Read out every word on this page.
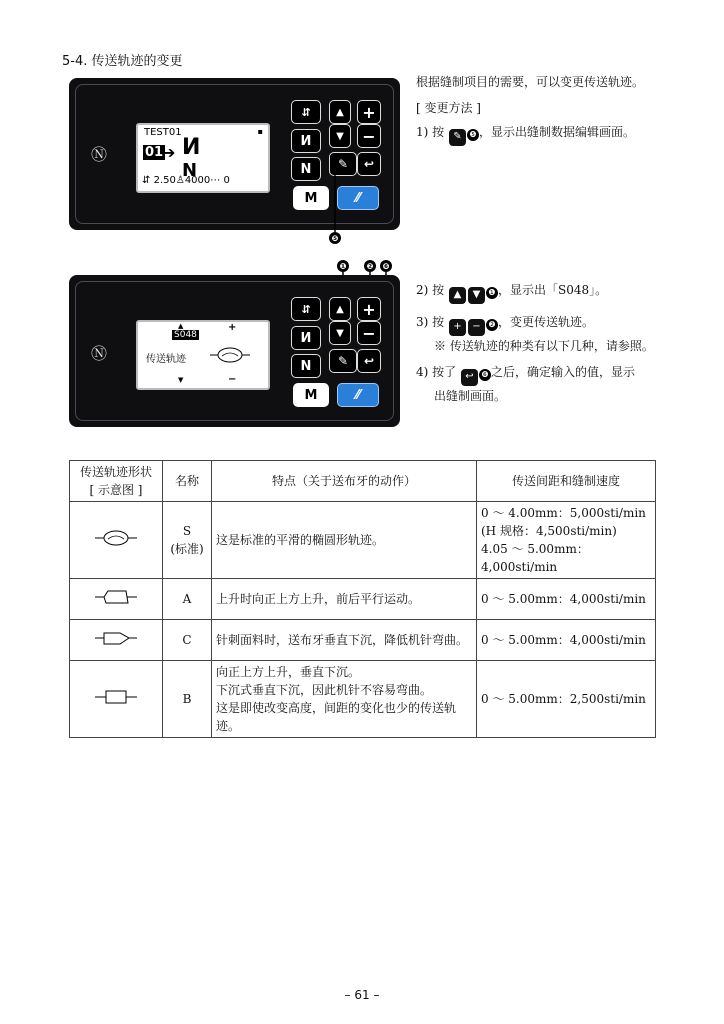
5-4. 传送轨迹的变更
Ⓝ
TEST01	▪
01
➔ И
Ν
⇵ 2.50♙4000⋯ 0
⇵
И
Ν
▲
▼
+
−
✎	↩
M	⁄⁄
❺
❶	❷	❻
Ⓝ
▲
S048
+
传送轨迹
▼	−
⇵
И
Ν
▲
▼
+
−
✎	↩
M	⁄⁄
根据缝制项目的需要，可以变更传送轨迹。
[ 变更方法 ]
1) 按 ✎ ❺ ，显示出缝制数据编辑画面。
2) 按 ▲ ▼ ❶ ，显示出「S048」。
3) 按 + − ❷ ，变更传送轨迹。
※ 传送轨迹的种类有以下几种，请参照。
4) 按了 ↩ ❻ 之后，确定输入的值，显示
出缝制画面。
传送轨迹形状
[ 示意图 ]	名称	特点（关于送布牙的动作）	传送间距和缝制速度
	S
(标准)	这是标准的平滑的椭圆形轨迹。	0 ～ 4.00mm：5,000sti/min
(H 规格：4,500sti/min)
4.05 ～ 5.00mm：4,000sti/min
	A	上升时向正上方上升，前后平行运动。	0 ～ 5.00mm：4,000sti/min
	C	针刺面料时，送布牙垂直下沉，降低机针弯曲。	0 ～ 5.00mm：4,000sti/min
	B	向正上方上升，垂直下沉。
下沉式垂直下沉，因此机针不容易弯曲。
这是即使改变高度，间距的变化也少的传送轨迹。	0 ～ 5.00mm：2,500sti/min
– 61 –
